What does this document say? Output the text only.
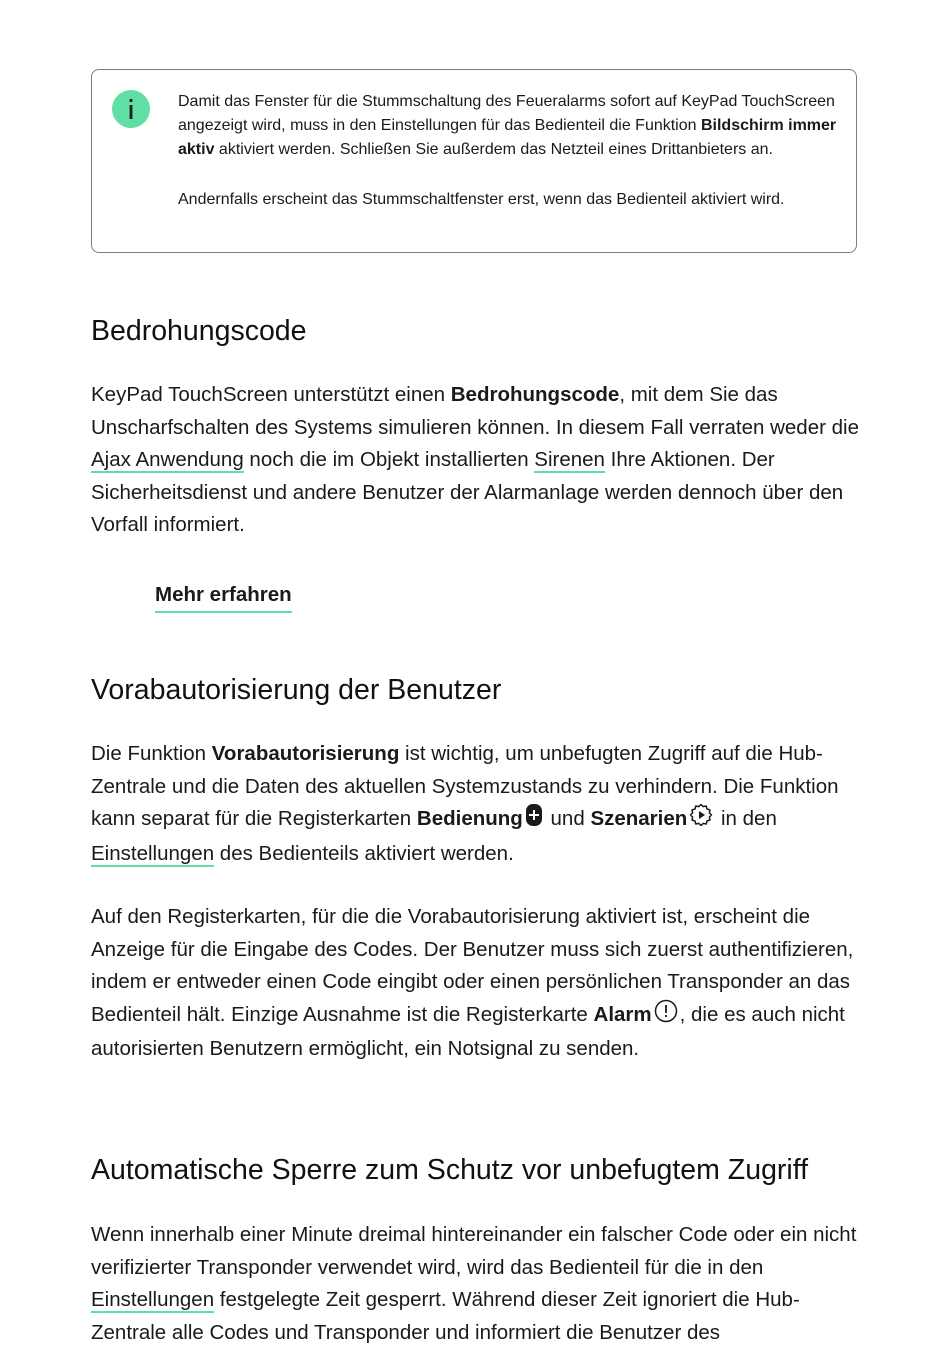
Damit das Fenster für die Stummschaltung des Feueralarms sofort auf KeyPad TouchScreen angezeigt wird, muss in den Einstellungen für das Bedienteil die Funktion Bildschirm immer aktiv aktiviert werden. Schließen Sie außerdem das Netzteil eines Drittanbieters an.

Andernfalls erscheint das Stummschaltfenster erst, wenn das Bedienteil aktiviert wird.

Bedrohungscode

KeyPad TouchScreen unterstützt einen Bedrohungscode, mit dem Sie das Unscharfschalten des Systems simulieren können. In diesem Fall verraten weder die Ajax Anwendung noch die im Objekt installierten Sirenen Ihre Aktionen. Der Sicherheitsdienst und andere Benutzer der Alarmanlage werden dennoch über den Vorfall informiert.

Mehr erfahren
Vorabautorisierung der Benutzer

Die Funktion Vorabautorisierung ist wichtig, um unbefugten Zugriff auf die Hub-Zentrale und die Daten des aktuellen Systemzustands zu verhindern. Die Funktion kann separat für die Registerkarten Bedienung und Szenarien in den Einstellungen des Bedienteils aktiviert werden.

Auf den Registerkarten, für die die Vorabautorisierung aktiviert ist, erscheint die Anzeige für die Eingabe des Codes. Der Benutzer muss sich zuerst authentifizieren, indem er entweder einen Code eingibt oder einen persönlichen Transponder an das Bedienteil hält. Einzige Ausnahme ist die Registerkarte Alarm , die es auch nicht autorisierten Benutzern ermöglicht, ein Notsignal zu senden.

Automatische Sperre zum Schutz vor unbefugtem Zugriff

Wenn innerhalb einer Minute dreimal hintereinander ein falscher Code oder ein nicht verifizierter Transponder verwendet wird, wird das Bedienteil für die in den Einstellungen festgelegte Zeit gesperrt. Während dieser Zeit ignoriert die Hub-Zentrale alle Codes und Transponder und informiert die Benutzer des
